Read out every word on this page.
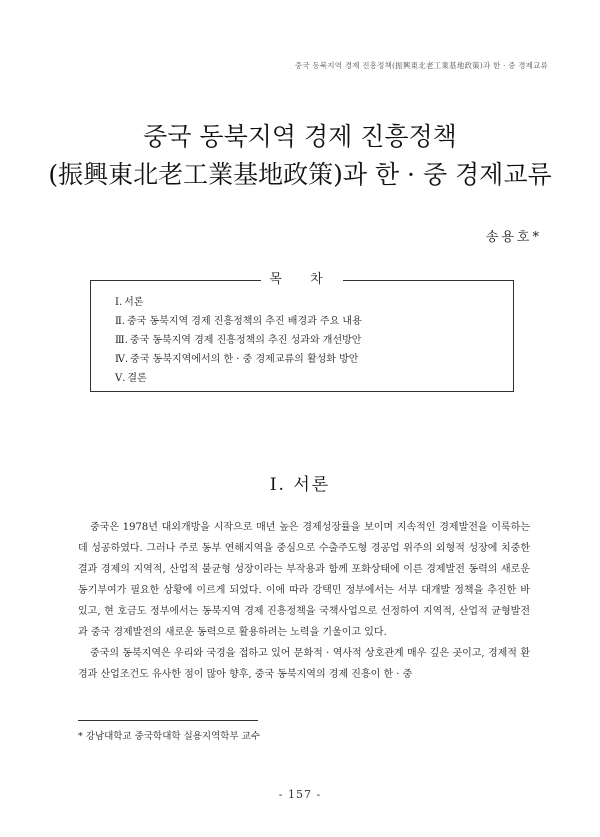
중국 동북지역 경제 진흥정책(振興東北老工業基地政策)과 한 · 중 경제교류
중국 동북지역 경제 진흥정책
(振興東北老工業基地政策)과 한 · 중 경제교류
송용호*
목 차
Ⅰ. 서론
Ⅱ. 중국 동북지역 경제 진흥정책의 추진 배경과 주요 내용
Ⅲ. 중국 동북지역 경제 진흥정책의 추진 성과와 개선방안
Ⅳ. 중국 동북지역에서의 한 · 중 경제교류의 활성화 방안
Ⅴ. 결론
Ⅰ. 서론

중국은 1978년 대외개방을 시작으로 매년 높은 경제성장률을 보이며 지속적인 경제발전을 이룩하는데 성공하였다. 그러나 주로 동부 연해지역을 중심으로 수출주도형 경공업 위주의 외형적 성장에 치중한 결과 경제의 지역적, 산업적 불균형 성장이라는 부작용과 함께 포화상태에 이른 경제발전 동력의 새로운 동기부여가 필요한 상황에 이르게 되었다. 이에 따라 강택민 정부에서는 서부 대개발 정책을 추진한 바 있고, 현 호금도 정부에서는 동북지역 경제 진흥정책을 국책사업으로 선정하여 지역적, 산업적 균형발전과 중국 경제발전의 새로운 동력으로 활용하려는 노력을 기울이고 있다.

중국의 동북지역은 우리와 국경을 접하고 있어 문화적 · 역사적 상호관계 매우 깊은 곳이고, 경제적 환경과 산업조건도 유사한 점이 많아 향후, 중국 동북지역의 경제 진흥이 한 · 중

* 강남대학교 중국학대학 실용지역학부 교수
- 157 -
